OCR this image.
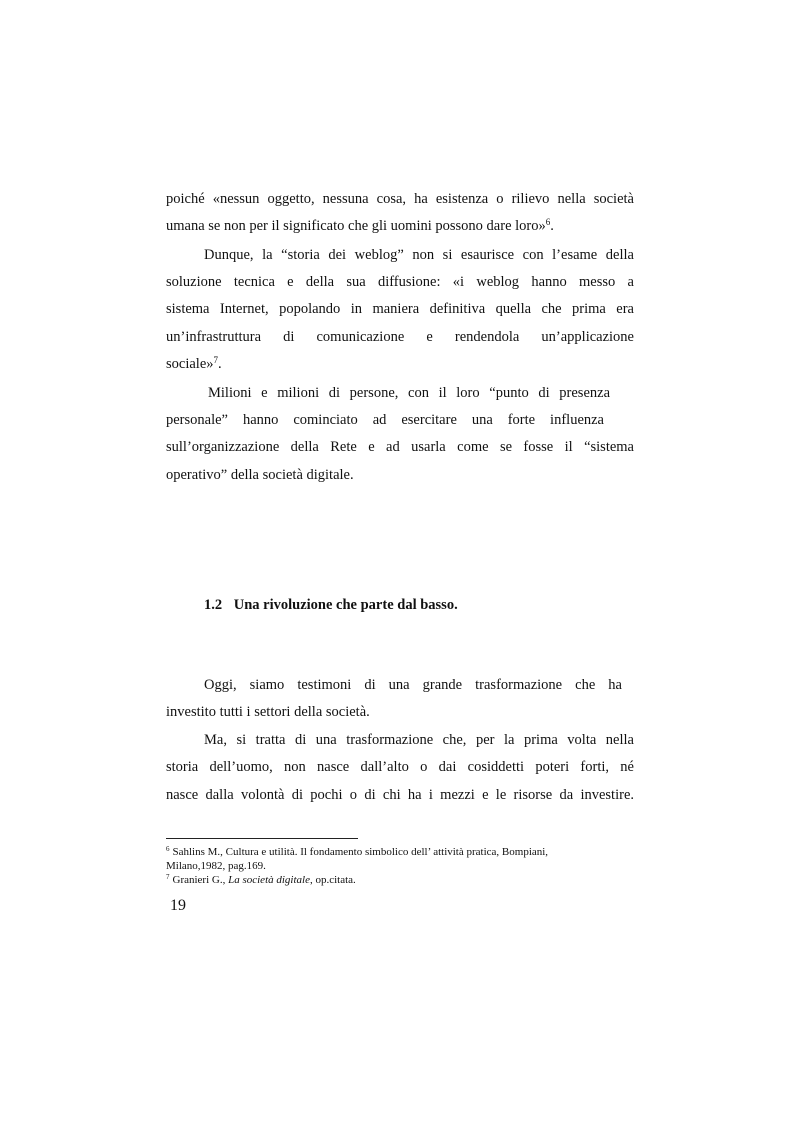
poiché «nessun oggetto, nessuna cosa, ha esistenza o rilievo nella società
umana se non per il significato che gli uomini possono dare loro»$^6$.
Dunque, la “storia dei weblog” non si esaurisce con l’esame della
soluzione tecnica e della sua diffusione: «i weblog hanno messo a
sistema Internet, popolando in maniera definitiva quella che prima era
un’infrastruttura di comunicazione e rendendola un’applicazione
sociale»$^7$.
Milioni e milioni di persone, con il loro “punto di presenza
personale” hanno cominciato ad esercitare una forte influenza
sull’organizzazione della Rete e ad usarla come se fosse il “sistema
operativo” della società digitale.
1.2 Una rivoluzione che parte dal basso.
Oggi, siamo testimoni di una grande trasformazione che ha
investito tutti i settori della società.
Ma, si tratta di una trasformazione che, per la prima volta nella
storia dell’uomo, non nasce dall’alto o dai cosiddetti poteri forti, né
nasce dalla volontà di pochi o di chi ha i mezzi e le risorse da investire.
$^6$ Sahlins M., Cultura e utilità. Il fondamento simbolico dell’ attività pratica, Bompiani,
Milano,1982, pag.169.
$^7$ Granieri G., La società digitale, op.citata.
19
